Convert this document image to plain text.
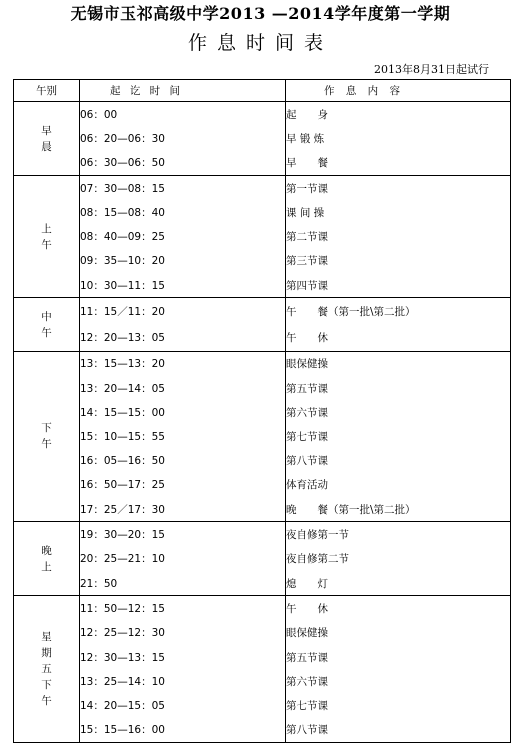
无锡市玉祁高级中学2013 —2014学年度第一学期
作息时间表
2013年8月31日起试行
午别	起 讫 时 间	作 息 内 容
早晨	06：00	起　　身
	06：20—06：30	早 锻 炼
	06：30—06：50	早　　餐
上午	07：30—08：15	第一节课
	08：15—08：40	课 间 操
	08：40—09：25	第二节课
	09：35—10：20	第三节课
	10：30—11：15	第四节课
中午	11：15／11：20	午　　餐（第一批\第二批）
	12：20—13：05	午　　休
下午	13：15—13：20	眼保健操
	13：20—14：05	第五节课
	14：15—15：00	第六节课
	15：10—15：55	第七节课
	16：05—16：50	第八节课
	16：50—17：25	体育活动
	17：25／17：30	晚　　餐（第一批\第二批）
晚上	19：30—20：15	夜自修第一节
	20：25—21：10	夜自修第二节
	21：50	熄　　灯
星期五下午	11：50—12：15	午　　休
	12：25—12：30	眼保健操
	12：30—13：15	第五节课
	13：25—14：10	第六节课
	14：20—15：05	第七节课
	15：15—16：00	第八节课
